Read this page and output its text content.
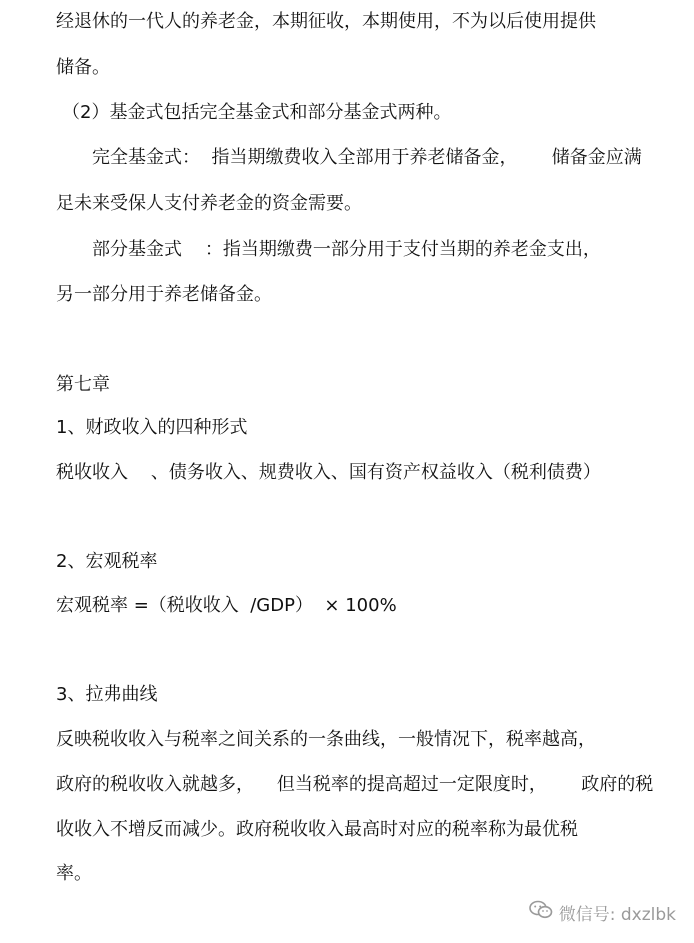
经退休的一代人的养老金，本期征收，本期使用，不为以后使用提供
储备。
（2）基金式包括完全基金式和部分基金式两种。
完全基金式：  指当期缴费收入全部用于养老储备金，      储备金应满
足未来受保人支付养老金的资金需要。
部分基金式    ：指当期缴费一部分用于支付当期的养老金支出，
另一部分用于养老储备金。
第七章
1、财政收入的四种形式
税收收入    、债务收入、规费收入、国有资产权益收入（税利债费）
2、宏观税率
宏观税率 =（税收收入  /GDP）  × 100%
3、拉弗曲线
反映税收收入与税率之间关系的一条曲线，一般情况下，税率越高，
政府的税收收入就越多，    但当税率的提高超过一定限度时，      政府的税
收收入不增反而减少。政府税收收入最高时对应的税率称为最优税
率。
微信号: dxzlbk
